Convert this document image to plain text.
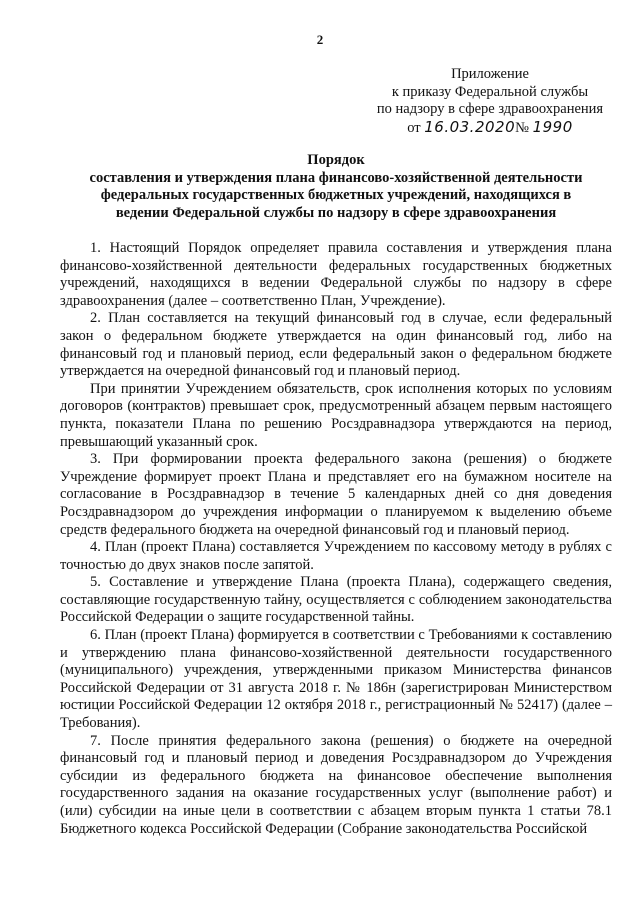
2
Приложение
к приказу Федеральной службы
по надзору в сфере здравоохранения
от 16.03.2020№ 1990
Порядок
составления и утверждения плана финансово-хозяйственной деятельности
федеральных государственных бюджетных учреждений, находящихся в
ведении Федеральной службы по надзору в сфере здравоохранения

1. Настоящий Порядок определяет правила составления и утверждения плана финансово-хозяйственной деятельности федеральных государственных бюджетных учреждений, находящихся в ведении Федеральной службы по надзору в сфере здравоохранения (далее – соответственно План, Учреждение).

2. План составляется на текущий финансовый год в случае, если федеральный закон о федеральном бюджете утверждается на один финансовый год, либо на финансовый год и плановый период, если федеральный закон о федеральном бюджете утверждается на очередной финансовый год и плановый период.

При принятии Учреждением обязательств, срок исполнения которых по условиям договоров (контрактов) превышает срок, предусмотренный абзацем первым настоящего пункта, показатели Плана по решению Росздравнадзора утверждаются на период, превышающий указанный срок.

3. При формировании проекта федерального закона (решения) о бюджете Учреждение формирует проект Плана и представляет его на бумажном носителе на согласование в Росздравнадзор в течение 5 календарных дней со дня доведения Росздравнадзором до учреждения информации о планируемом к выделению объеме средств федерального бюджета на очередной финансовый год и плановый период.

4. План (проект Плана) составляется Учреждением по кассовому методу в рублях с точностью до двух знаков после запятой.

5. Составление и утверждение Плана (проекта Плана), содержащего сведения, составляющие государственную тайну, осуществляется с соблюдением законодательства Российской Федерации о защите государственной тайны.

6. План (проект Плана) формируется в соответствии с Требованиями к составлению и утверждению плана финансово-хозяйственной деятельности государственного (муниципального) учреждения, утвержденными приказом Министерства финансов Российской Федерации от 31 августа 2018 г. № 186н (зарегистрирован Министерством юстиции Российской Федерации 12 октября 2018 г., регистрационный № 52417) (далее – Требования).

7. После принятия федерального закона (решения) о бюджете на очередной финансовый год и плановый период и доведения Росздравнадзором до Учреждения субсидии из федерального бюджета на финансовое обеспечение выполнения государственного задания на оказание государственных услуг (выполнение работ) и (или) субсидии на иные цели в соответствии с абзацем вторым пункта 1 статьи 78.1 Бюджетного кодекса Российской Федерации (Собрание законодательства Российской
